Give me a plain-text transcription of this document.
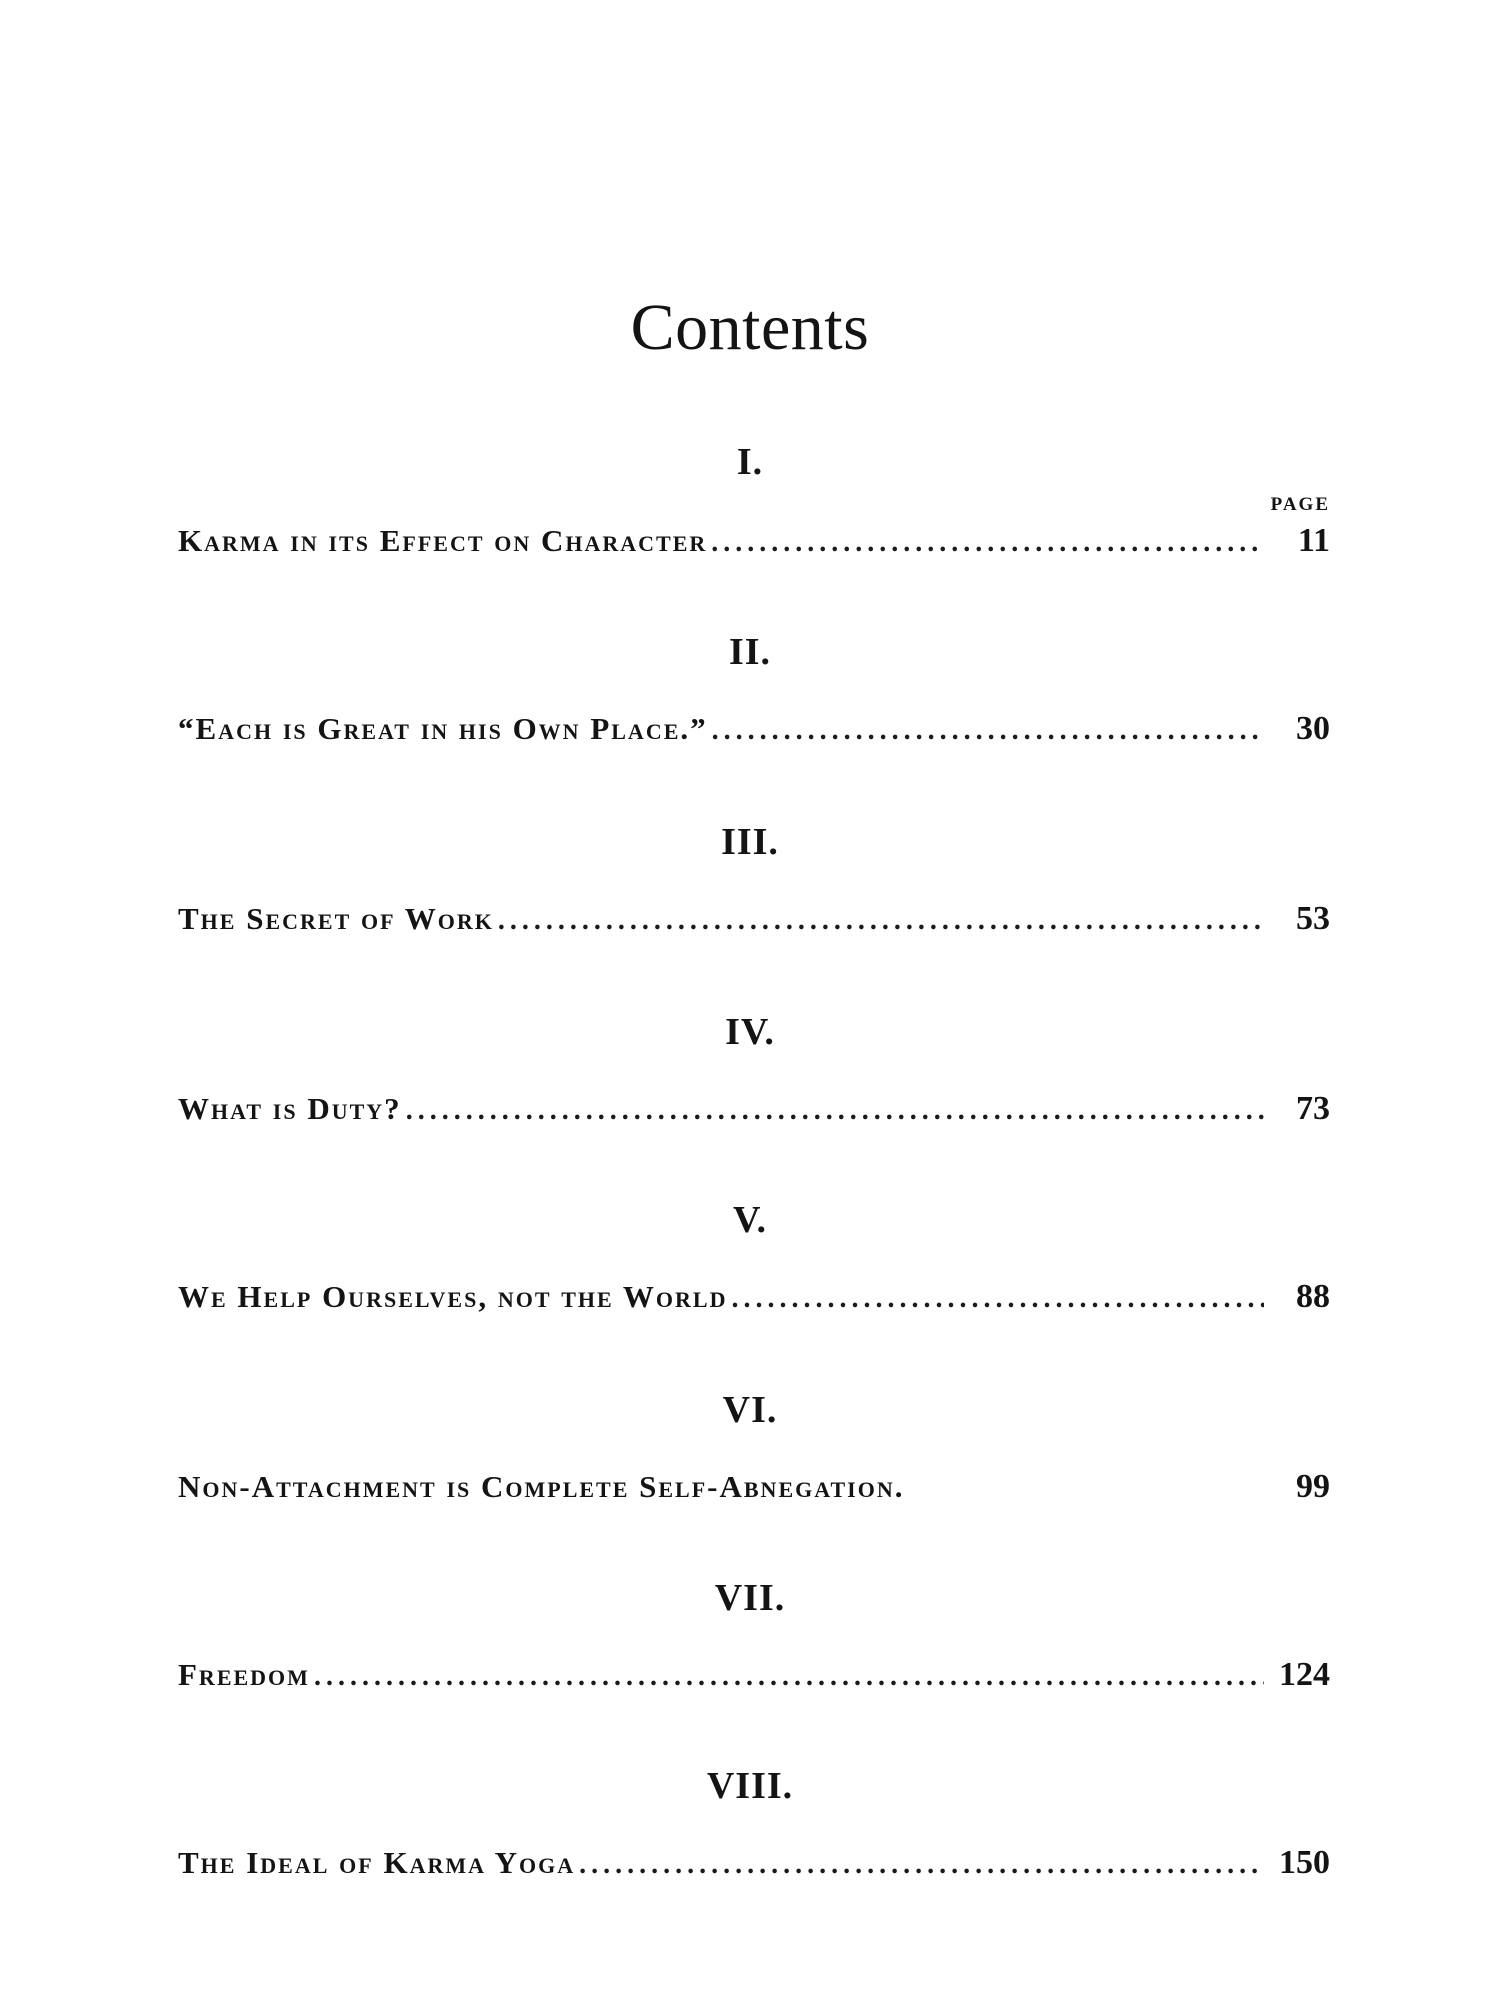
Contents
PAGE
I.
Karma in its Effect on Character . . .	11
II.
“Each is Great in his Own Place.” . . .	30
III.
The Secret of Work . . .	53
IV.
What is Duty? . . .	73
V.
We Help Ourselves, not the World . . .	88
VI.
Non-Attachment is Complete Self-Abnegation.	99
VII.
Freedom . . .	124
VIII.
The Ideal of Karma Yoga . . .	150
